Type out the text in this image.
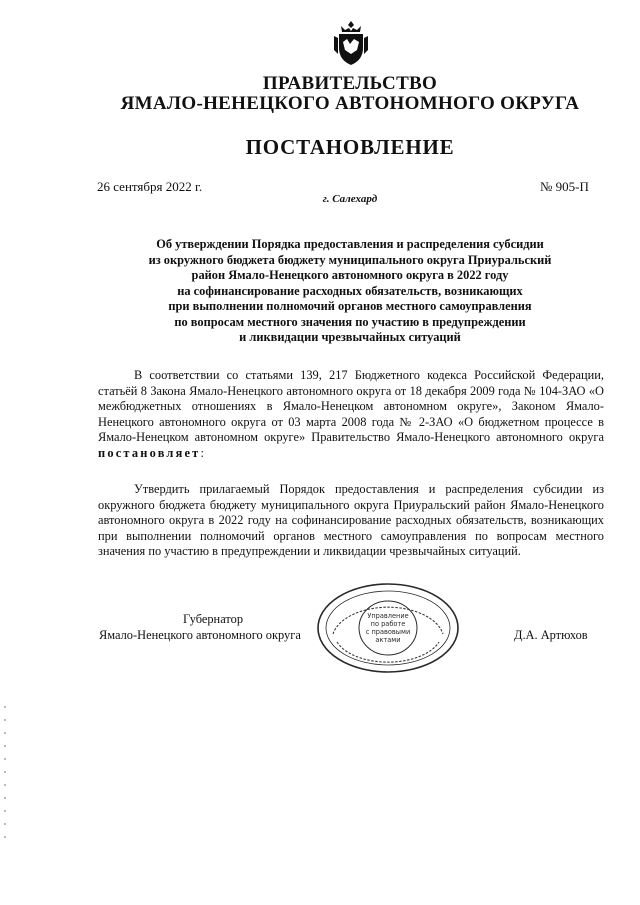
ПРАВИТЕЛЬСТВО
ЯМАЛО-НЕНЕЦКОГО АВТОНОМНОГО ОКРУГА
ПОСТАНОВЛЕНИЕ
26 сентября 2022 г.	№ 905-П
г. Салехард
Об утверждении Порядка предоставления и распределения субсидии
из окружного бюджета бюджету муниципального округа Приуральский
район Ямало-Ненецкого автономного округа в 2022 году
на софинансирование расходных обязательств, возникающих
при выполнении полномочий органов местного самоуправления
по вопросам местного значения по участию в предупреждении
и ликвидации чрезвычайных ситуаций
В соответствии со статьями 139, 217 Бюджетного кодекса Российской Федерации, статьёй 8 Закона Ямало-Ненецкого автономного округа от 18 декабря 2009 года № 104-ЗАО «О межбюджетных отношениях в Ямало-Ненецком автономном округе», Законом Ямало-Ненецкого автономного округа от 03 марта 2008 года № 2-ЗАО «О бюджетном процессе в Ямало-Ненецком автономном округе» Правительство Ямало-Ненецкого автономного округа постановляет:
Утвердить прилагаемый Порядок предоставления и распределения субсидии из окружного бюджета бюджету муниципального округа Приуральский район Ямало-Ненецкого автономного округа в 2022 году на софинансирование расходных обязательств, возникающих при выполнении полномочий органов местного самоуправления по вопросам местного значения по участию в предупреждении и ликвидации чрезвычайных ситуаций.
Губернатор
Ямало-Ненецкого автономного округа	Д.А. Артюхов
Управление
по работе
с правовыми
актами
